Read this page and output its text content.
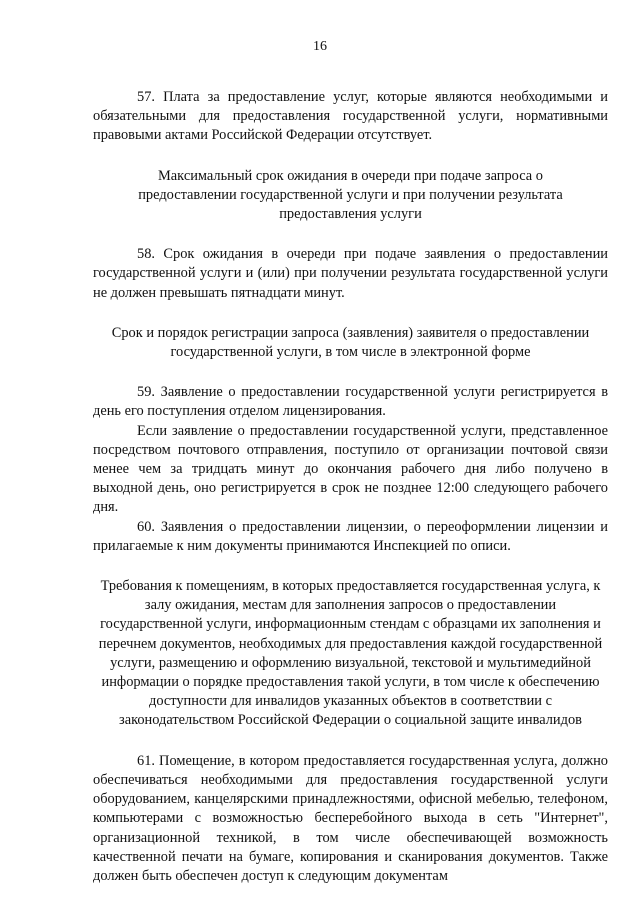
16

57. Плата за предоставление услуг, которые являются необходимыми и обязательными для предоставления государственной услуги, нормативными правовыми актами Российской Федерации отсутствует.

Максимальный срок ожидания в очереди при подаче запроса о предоставлении государственной услуги и при получении результата предоставления услуги

58. Срок ожидания в очереди при подаче заявления о предоставлении государственной услуги и (или) при получении результата государственной услуги не должен превышать пятнадцати минут.

Срок и порядок регистрации запроса (заявления) заявителя о предоставлении государственной услуги, в том числе в электронной форме

59. Заявление о предоставлении государственной услуги регистрируется в день его поступления отделом лицензирования.

Если заявление о предоставлении государственной услуги, представленное посредством почтового отправления, поступило от организации почтовой связи менее чем за тридцать минут до окончания рабочего дня либо получено в выходной день, оно регистрируется в срок не позднее 12:00 следующего рабочего дня.

60. Заявления о предоставлении лицензии, о переоформлении лицензии и прилагаемые к ним документы принимаются Инспекцией по описи.

Требования к помещениям, в которых предоставляется государственная услуга, к залу ожидания, местам для заполнения запросов о предоставлении государственной услуги, информационным стендам с образцами их заполнения и перечнем документов, необходимых для предоставления каждой государственной услуги, размещению и оформлению визуальной, текстовой и мультимедийной информации о порядке предоставления такой услуги, в том числе к обеспечению доступности для инвалидов указанных объектов в соответствии с законодательством Российской Федерации о социальной защите инвалидов

61. Помещение, в котором предоставляется государственная услуга, должно обеспечиваться необходимыми для предоставления государственной услуги оборудованием, канцелярскими принадлежностями, офисной мебелью, телефоном, компьютерами с возможностью бесперебойного выхода в сеть "Интернет", организационной техникой, в том числе обеспечивающей возможность качественной печати на бумаге, копирования и сканирования документов. Также должен быть обеспечен доступ к следующим документам
